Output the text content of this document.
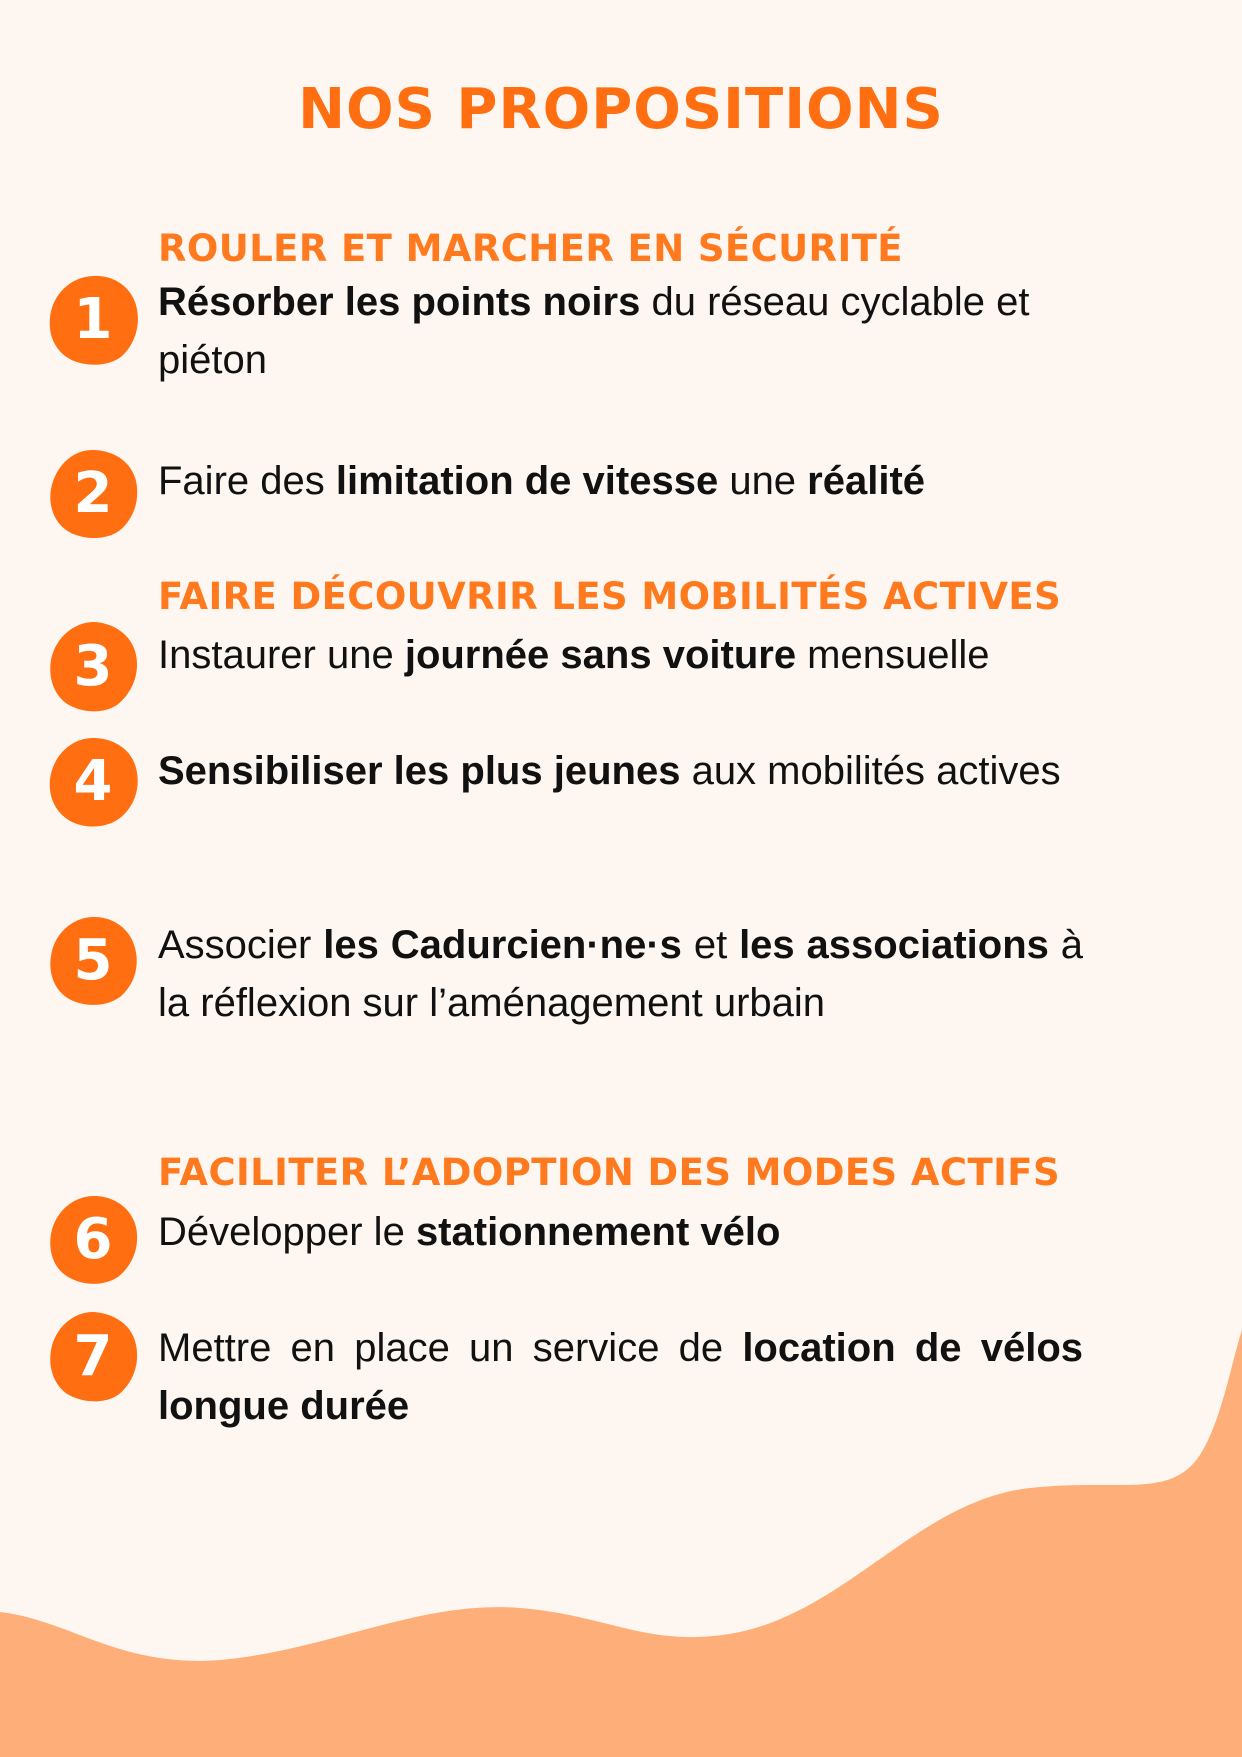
NOS PROPOSITIONS
ROULER ET MARCHER EN SÉCURITÉ
1	Résorber les points noirs du réseau cyclable et piéton

2	Faire des limitation de vitesse une réalité

FAIRE DÉCOUVRIR LES MOBILITÉS ACTIVES
3	Instaurer une journée sans voiture mensuelle

4	Sensibiliser les plus jeunes aux mobilités actives

5	Associer les Cadurcien·ne·s et les associations à la réflexion sur l’aménagement urbain

FACILITER L’ADOPTION DES MODES ACTIFS
6	Développer le stationnement vélo

7	Mettre en place un service de location de vélos longue durée
